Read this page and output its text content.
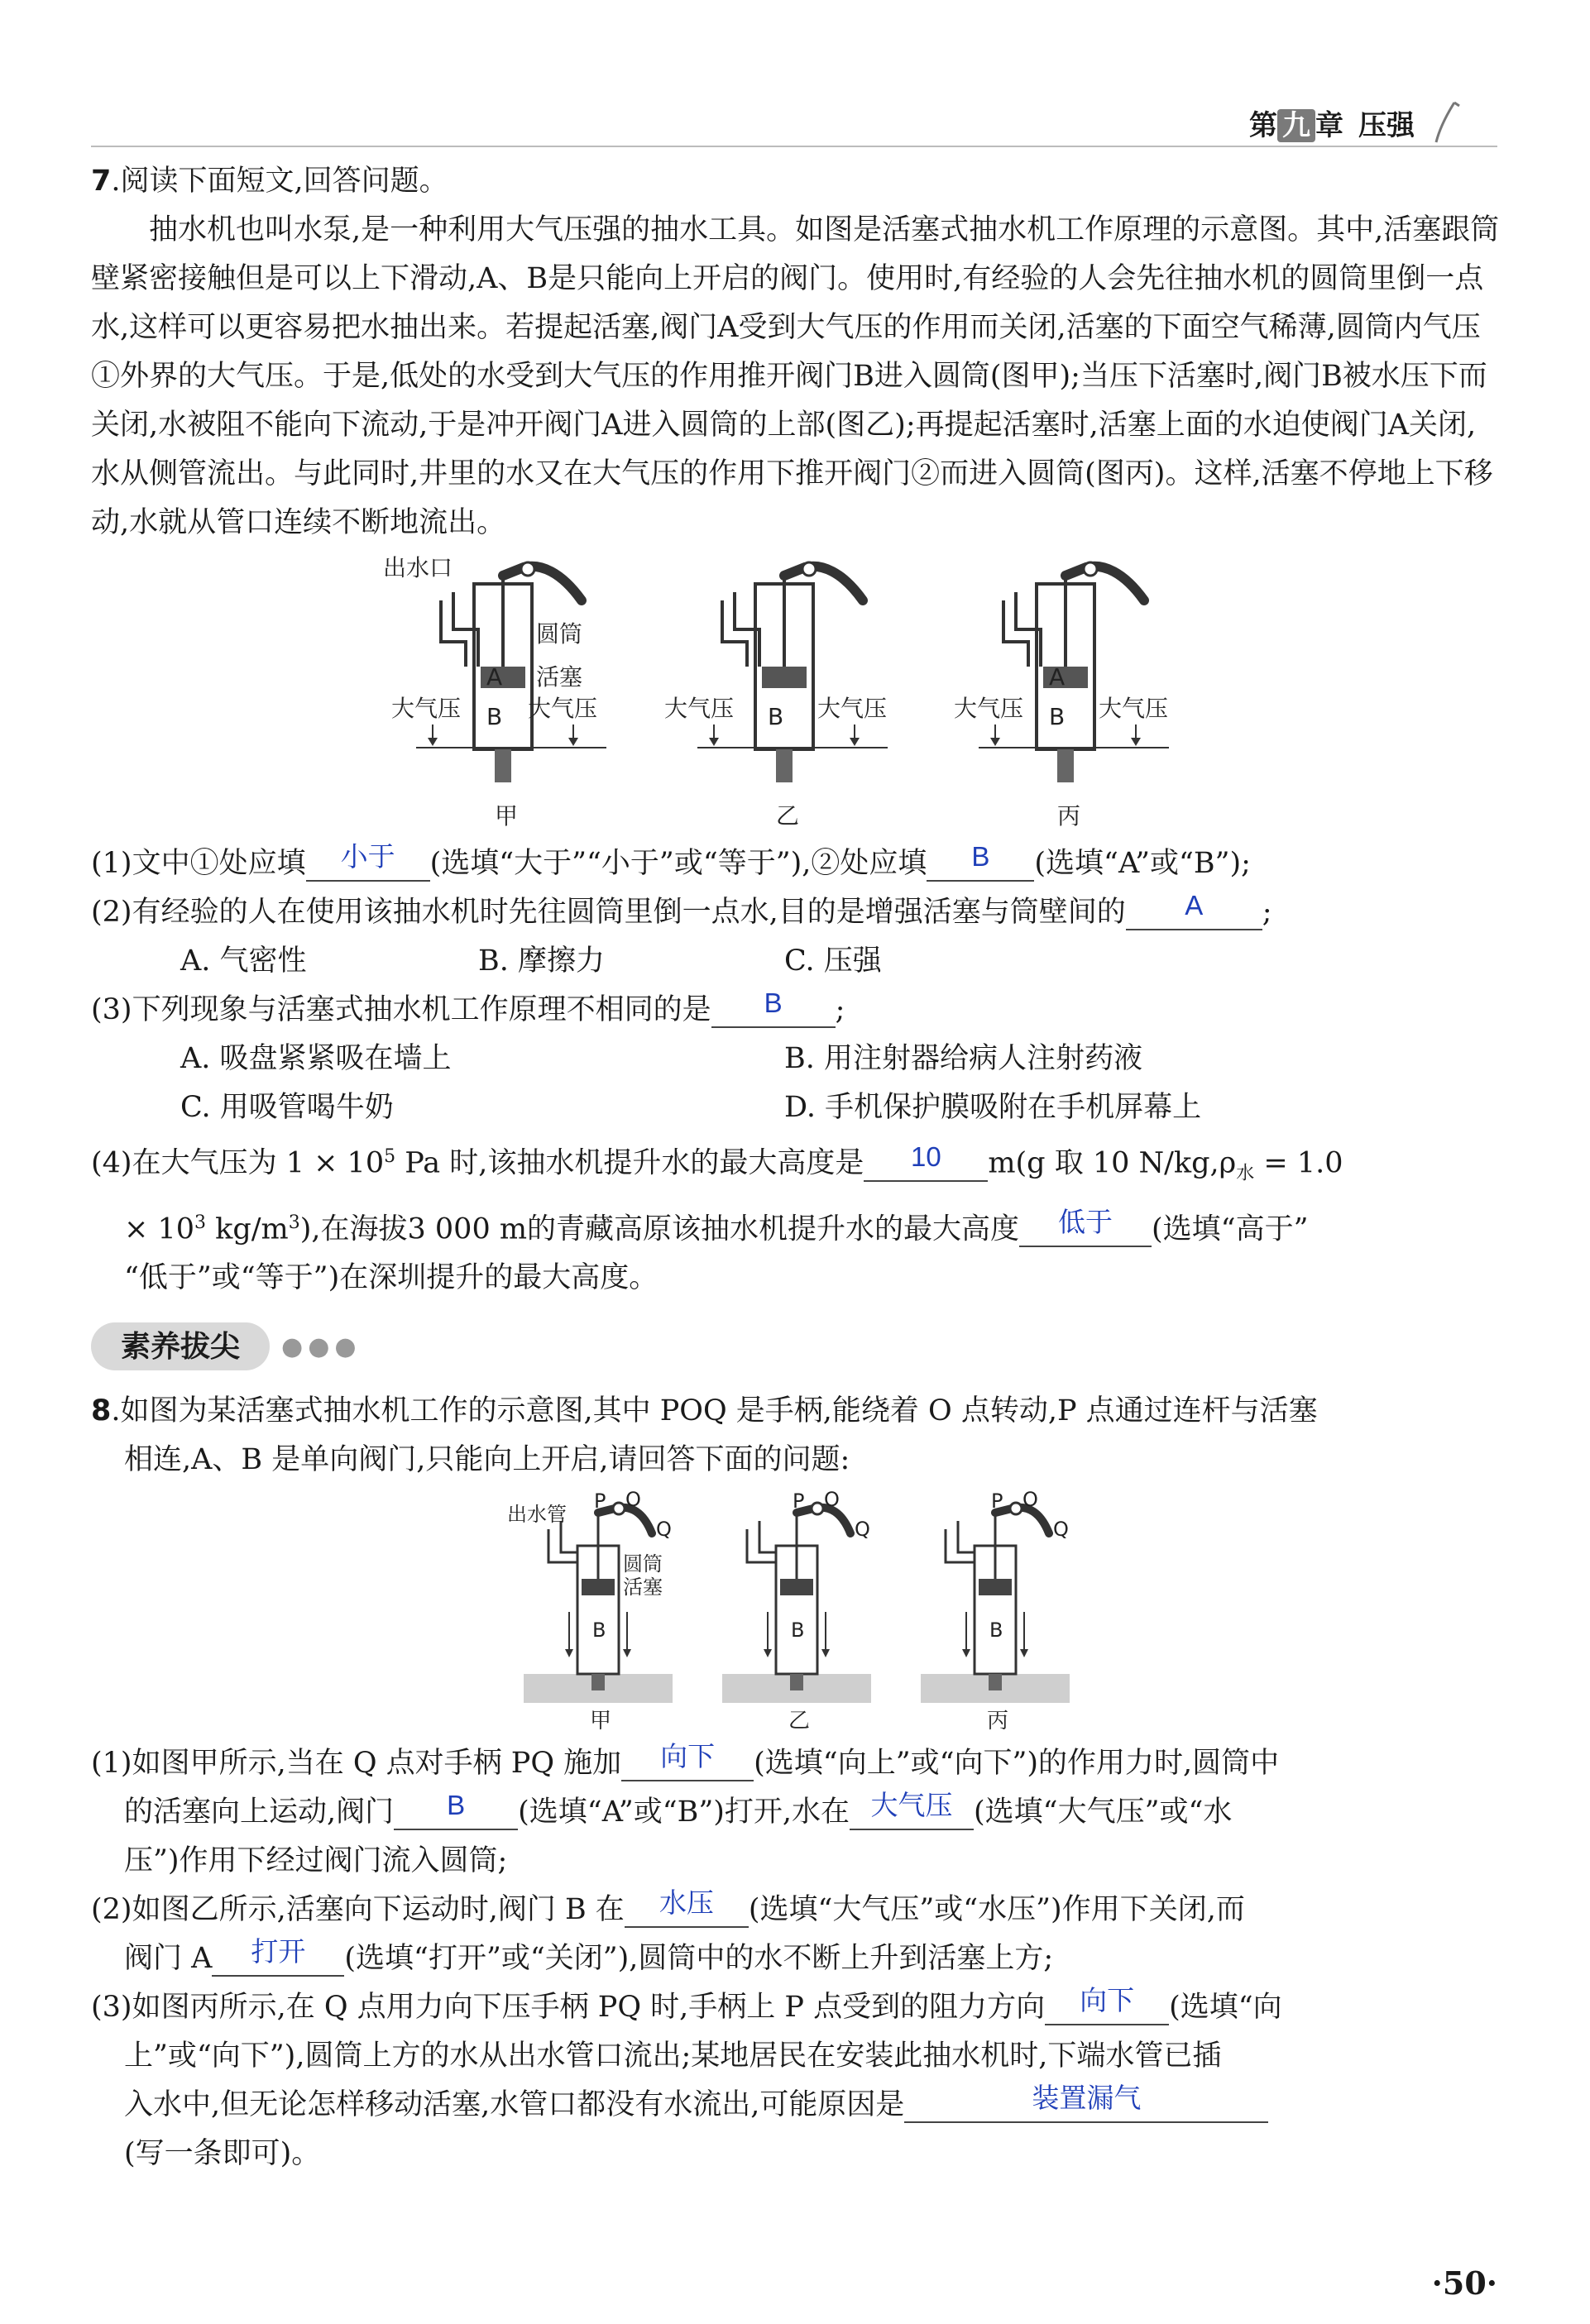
第 九 章 压强

7.阅读下面短文,回答问题。

抽水机也叫水泵,是一种利用大气压强的抽水工具。如图是活塞式抽水机工作原理的示意图。其中,活塞跟筒壁紧密接触但是可以上下滑动,A、B是只能向上开启的阀门。使用时,有经验的人会先往抽水机的圆筒里倒一点水,这样可以更容易把水抽出来。若提起活塞,阀门A受到大气压的作用而关闭,活塞的下面空气稀薄,圆筒内气压①外界的大气压。于是,低处的水受到大气压的作用推开阀门B进入圆筒(图甲);当压下活塞时,阀门B被水压下而关闭,水被阻不能向下流动,于是冲开阀门A进入圆筒的上部(图乙);再提起活塞时,活塞上面的水迫使阀门A关闭,水从侧管流出。与此同时,井里的水又在大气压的作用下推开阀门②而进入圆筒(图丙)。这样,活塞不停地上下移动,水就从管口连续不断地流出。

出水口
圆筒
活塞
A
B	B
A
B
大气压	大气压	大气压	大气压	大气压	大气压
甲	乙	丙

(1)文中①处应填 小于 (选填“大于”“小于”或“等于”),②处应填 B (选填“A”或“B”);

(2)有经验的人在使用该抽水机时先往圆筒里倒一点水,目的是增强活塞与筒壁间的 A ;

A. 气密性	B. 摩擦力	C. 压强

(3)下列现象与活塞式抽水机工作原理不相同的是 B ;

A. 吸盘紧紧吸在墙上	B. 用注射器给病人注射药液

C. 用吸管喝牛奶	D. 手机保护膜吸附在手机屏幕上

(4)在大气压为 $1 \times 10^5$ Pa 时,该抽水机提升水的最大高度是 10 m(g 取 10 $N/kg,\rho_水 = 1.0$

× $10^3$ $kg/m^3$),在海拔3 000 m的青藏高原该抽水机提升水的最大高度 低于 (选填“高于”

“低于”或“等于”)在深圳提升的最大高度。

素养拔尖	●●●

8.如图为某活塞式抽水机工作的示意图,其中 POQ 是手柄,能绕着 O 点转动,P 点通过连杆与活塞

相连,A、B 是单向阀门,只能向上开启,请回答下面的问题:

出水管
圆筒
活塞
P O
Q
P O
Q
P O
Q
B	B	B
甲	乙	丙

(1)如图甲所示,当在 Q 点对手柄 PQ 施加 向下 (选填“向上”或“向下”)的作用力时,圆筒中

的活塞向上运动,阀门 B (选填“A”或“B”)打开,水在 大气压 (选填“大气压”或“水

压”)作用下经过阀门流入圆筒;

(2)如图乙所示,活塞向下运动时,阀门 B 在 水压 (选填“大气压”或“水压”)作用下关闭,而

阀门 A 打开 (选填“打开”或“关闭”),圆筒中的水不断上升到活塞上方;

(3)如图丙所示,在 Q 点用力向下压手柄 PQ 时,手柄上 P 点受到的阻力方向 向下 (选填“向

上”或“向下”),圆筒上方的水从出水管口流出;某地居民在安装此抽水机时,下端水管已插

入水中,但无论怎样移动活塞,水管口都没有水流出,可能原因是	装置漏气

(写一条即可)。

·50·
